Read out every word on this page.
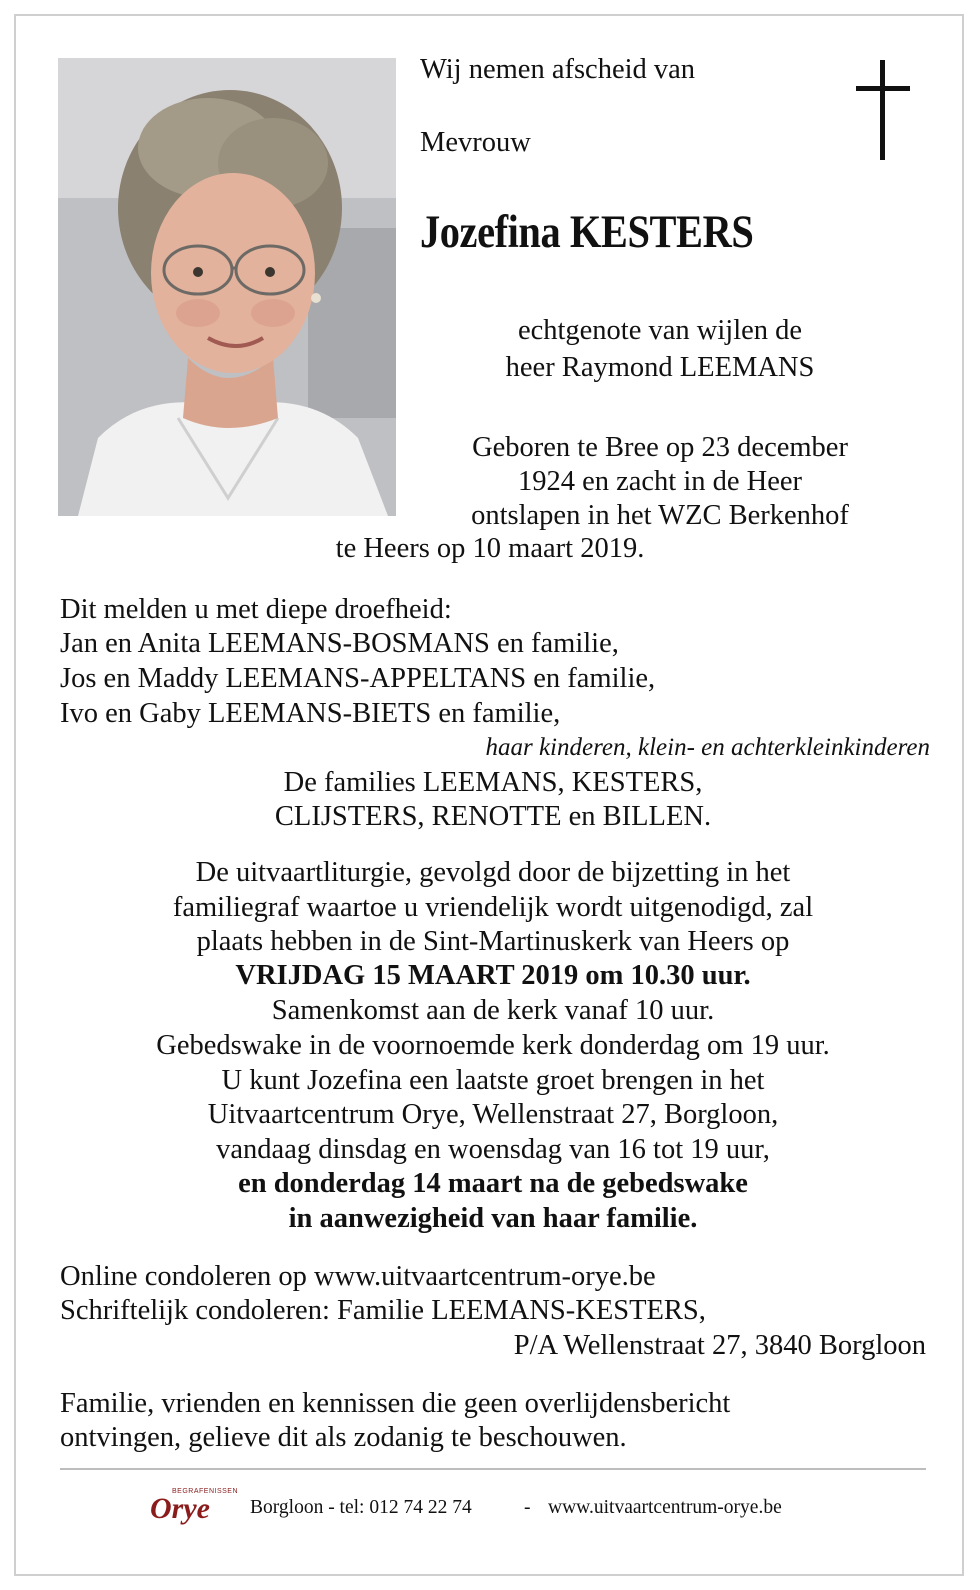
Wij nemen afscheid van
Mevrouw
Jozefina KESTERS
echtgenote van wijlen de
heer Raymond LEEMANS
Geboren te Bree op 23 december
1924 en zacht in de Heer
ontslapen in het WZC Berkenhof
te Heers op 10 maart 2019.
Dit melden u met diepe droefheid:
Jan en Anita LEEMANS-BOSMANS en familie,
Jos en Maddy LEEMANS-APPELTANS en familie,
Ivo en Gaby LEEMANS-BIETS en familie,
haar kinderen, klein- en achterkleinkinderen
De families LEEMANS, KESTERS,
CLIJSTERS, RENOTTE en BILLEN.
De uitvaartliturgie, gevolgd door de bijzetting in het
familiegraf waartoe u vriendelijk wordt uitgenodigd, zal
plaats hebben in de Sint-Martinuskerk van Heers op
VRIJDAG 15 MAART 2019 om 10.30 uur.
Samenkomst aan de kerk vanaf 10 uur.
Gebedswake in de voornoemde kerk donderdag om 19 uur.
U kunt Jozefina een laatste groet brengen in het
Uitvaartcentrum Orye, Wellenstraat 27, Borgloon,
vandaag dinsdag en woensdag van 16 tot 19 uur,
en donderdag 14 maart na de gebedswake
in aanwezigheid van haar familie.
Online condoleren op www.uitvaartcentrum-orye.be
Schriftelijk condoleren: Familie LEEMANS-KESTERS,
P/A Wellenstraat 27, 3840 Borgloon
Familie, vrienden en kennissen die geen overlijdensbericht
ontvingen, gelieve dit als zodanig te beschouwen.
BEGRAFENISSEN
Orye Borgloon - tel: 012 74 22 74	- www.uitvaartcentrum-orye.be
